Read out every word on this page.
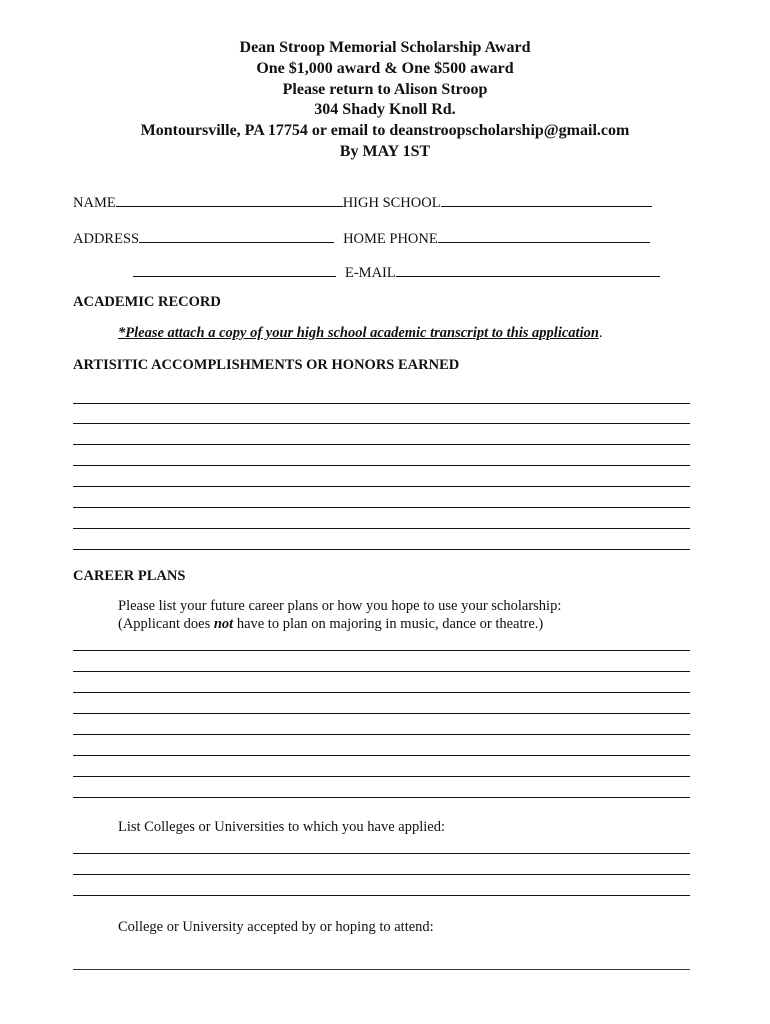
Dean Stroop Memorial Scholarship Award
One $1,000 award & One $500 award
Please return to Alison Stroop
304 Shady Knoll Rd.
Montoursville, PA 17754 or email to deanstroopscholarship@gmail.com
By MAY 1ST
NAME	HIGH SCHOOL
ADDRESS	HOME PHONE
E-MAIL
ACADEMIC RECORD
*Please attach a copy of your high school academic transcript to this application.
ARTISITIC ACCOMPLISHMENTS OR HONORS EARNED
CAREER PLANS
Please list your future career plans or how you hope to use your scholarship:
(Applicant does not have to plan on majoring in music, dance or theatre.)
List Colleges or Universities to which you have applied:
College or University accepted by or hoping to attend:
